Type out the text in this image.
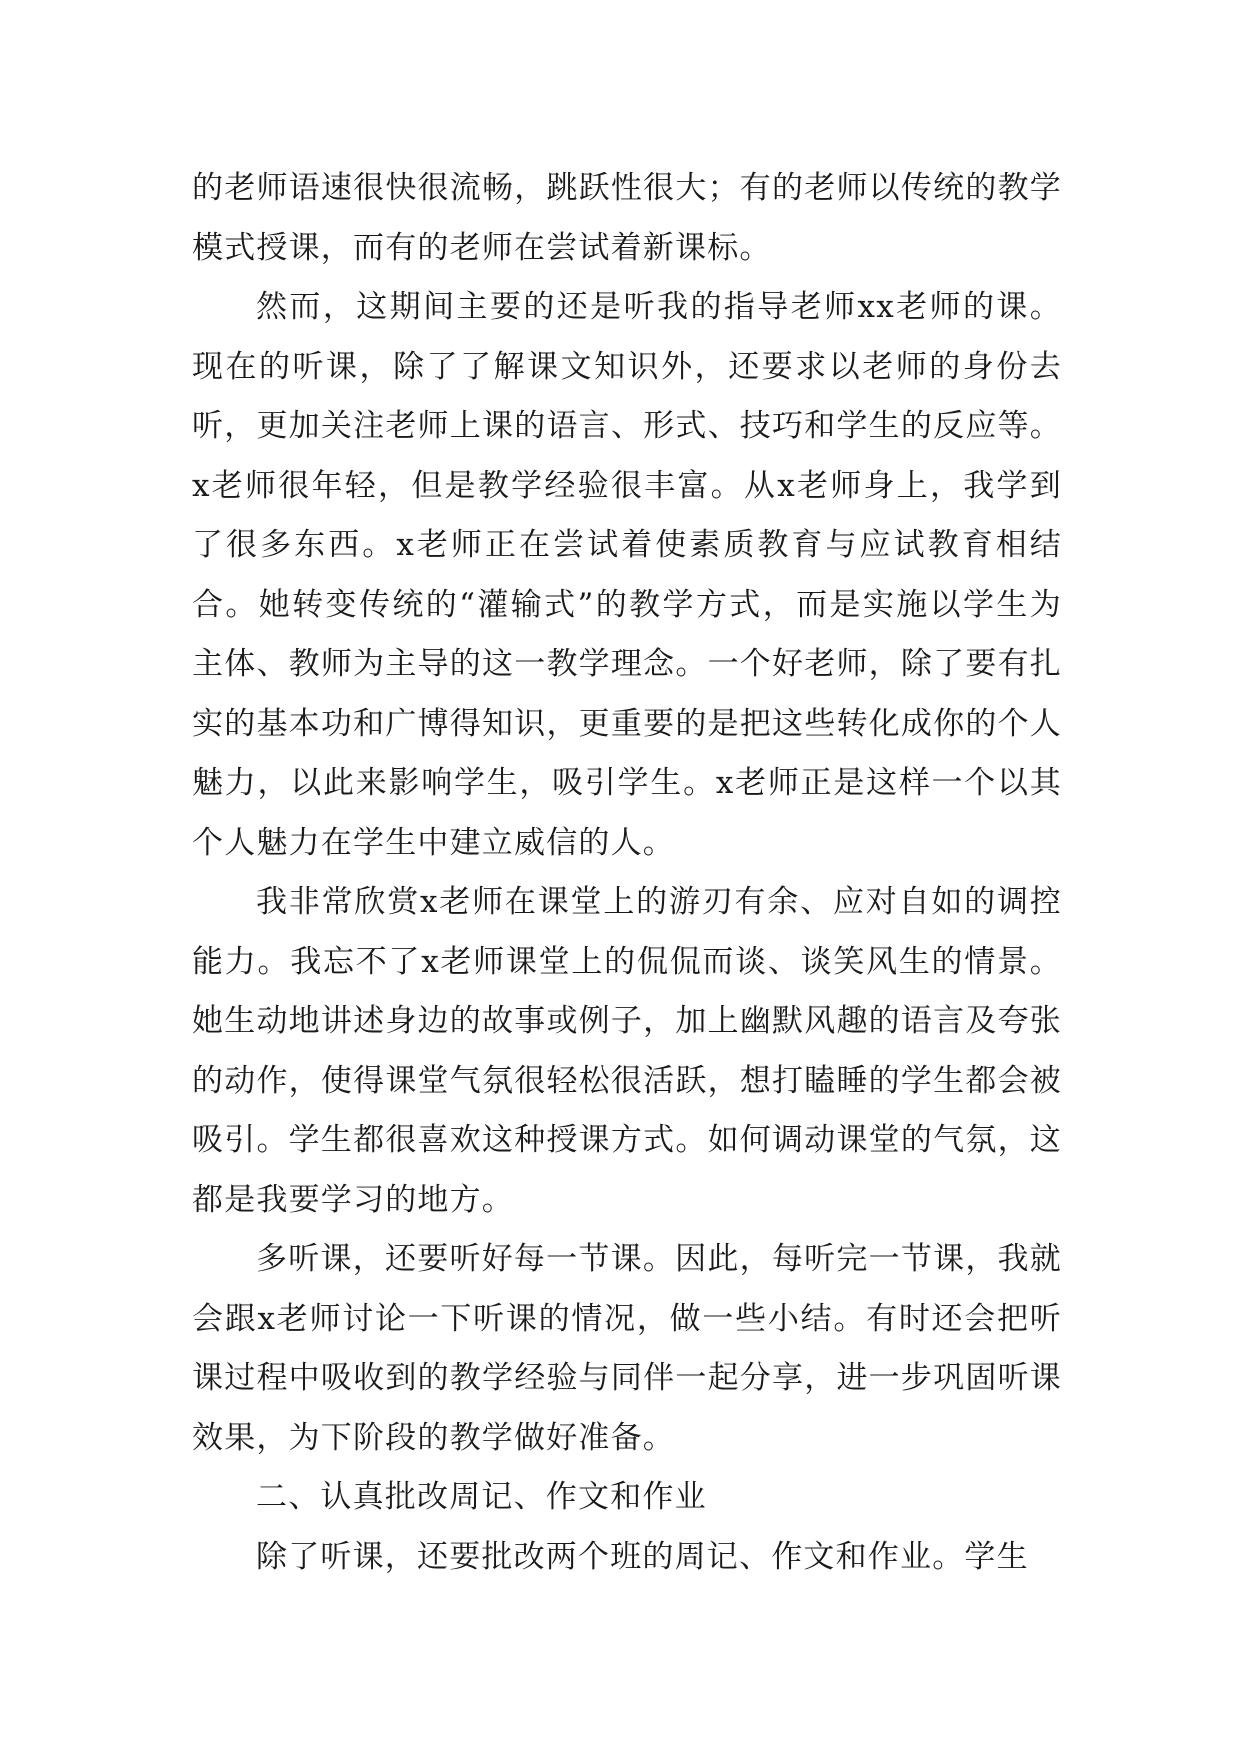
的老师语速很快很流畅，跳跃性很大；有的老师以传统的教学模式授课，而有的老师在尝试着新课标。

然而，这期间主要的还是听我的指导老师xx老师的课。现在的听课，除了了解课文知识外，还要求以老师的身份去听，更加关注老师上课的语言、形式、技巧和学生的反应等。x老师很年轻，但是教学经验很丰富。从x老师身上，我学到了很多东西。x老师正在尝试着使素质教育与应试教育相结合。她转变传统的“灌输式”的教学方式，而是实施以学生为主体、教师为主导的这一教学理念。一个好老师，除了要有扎实的基本功和广博得知识，更重要的是把这些转化成你的个人魅力，以此来影响学生，吸引学生。x老师正是这样一个以其个人魅力在学生中建立威信的人。

我非常欣赏x老师在课堂上的游刃有余、应对自如的调控能力。我忘不了x老师课堂上的侃侃而谈、谈笑风生的情景。她生动地讲述身边的故事或例子，加上幽默风趣的语言及夸张的动作，使得课堂气氛很轻松很活跃，想打瞌睡的学生都会被吸引。学生都很喜欢这种授课方式。如何调动课堂的气氛，这都是我要学习的地方。

多听课，还要听好每一节课。因此，每听完一节课，我就会跟x老师讨论一下听课的情况，做一些小结。有时还会把听课过程中吸收到的教学经验与同伴一起分享，进一步巩固听课效果，为下阶段的教学做好准备。

二、认真批改周记、作文和作业

除了听课，还要批改两个班的周记、作文和作业。学生
